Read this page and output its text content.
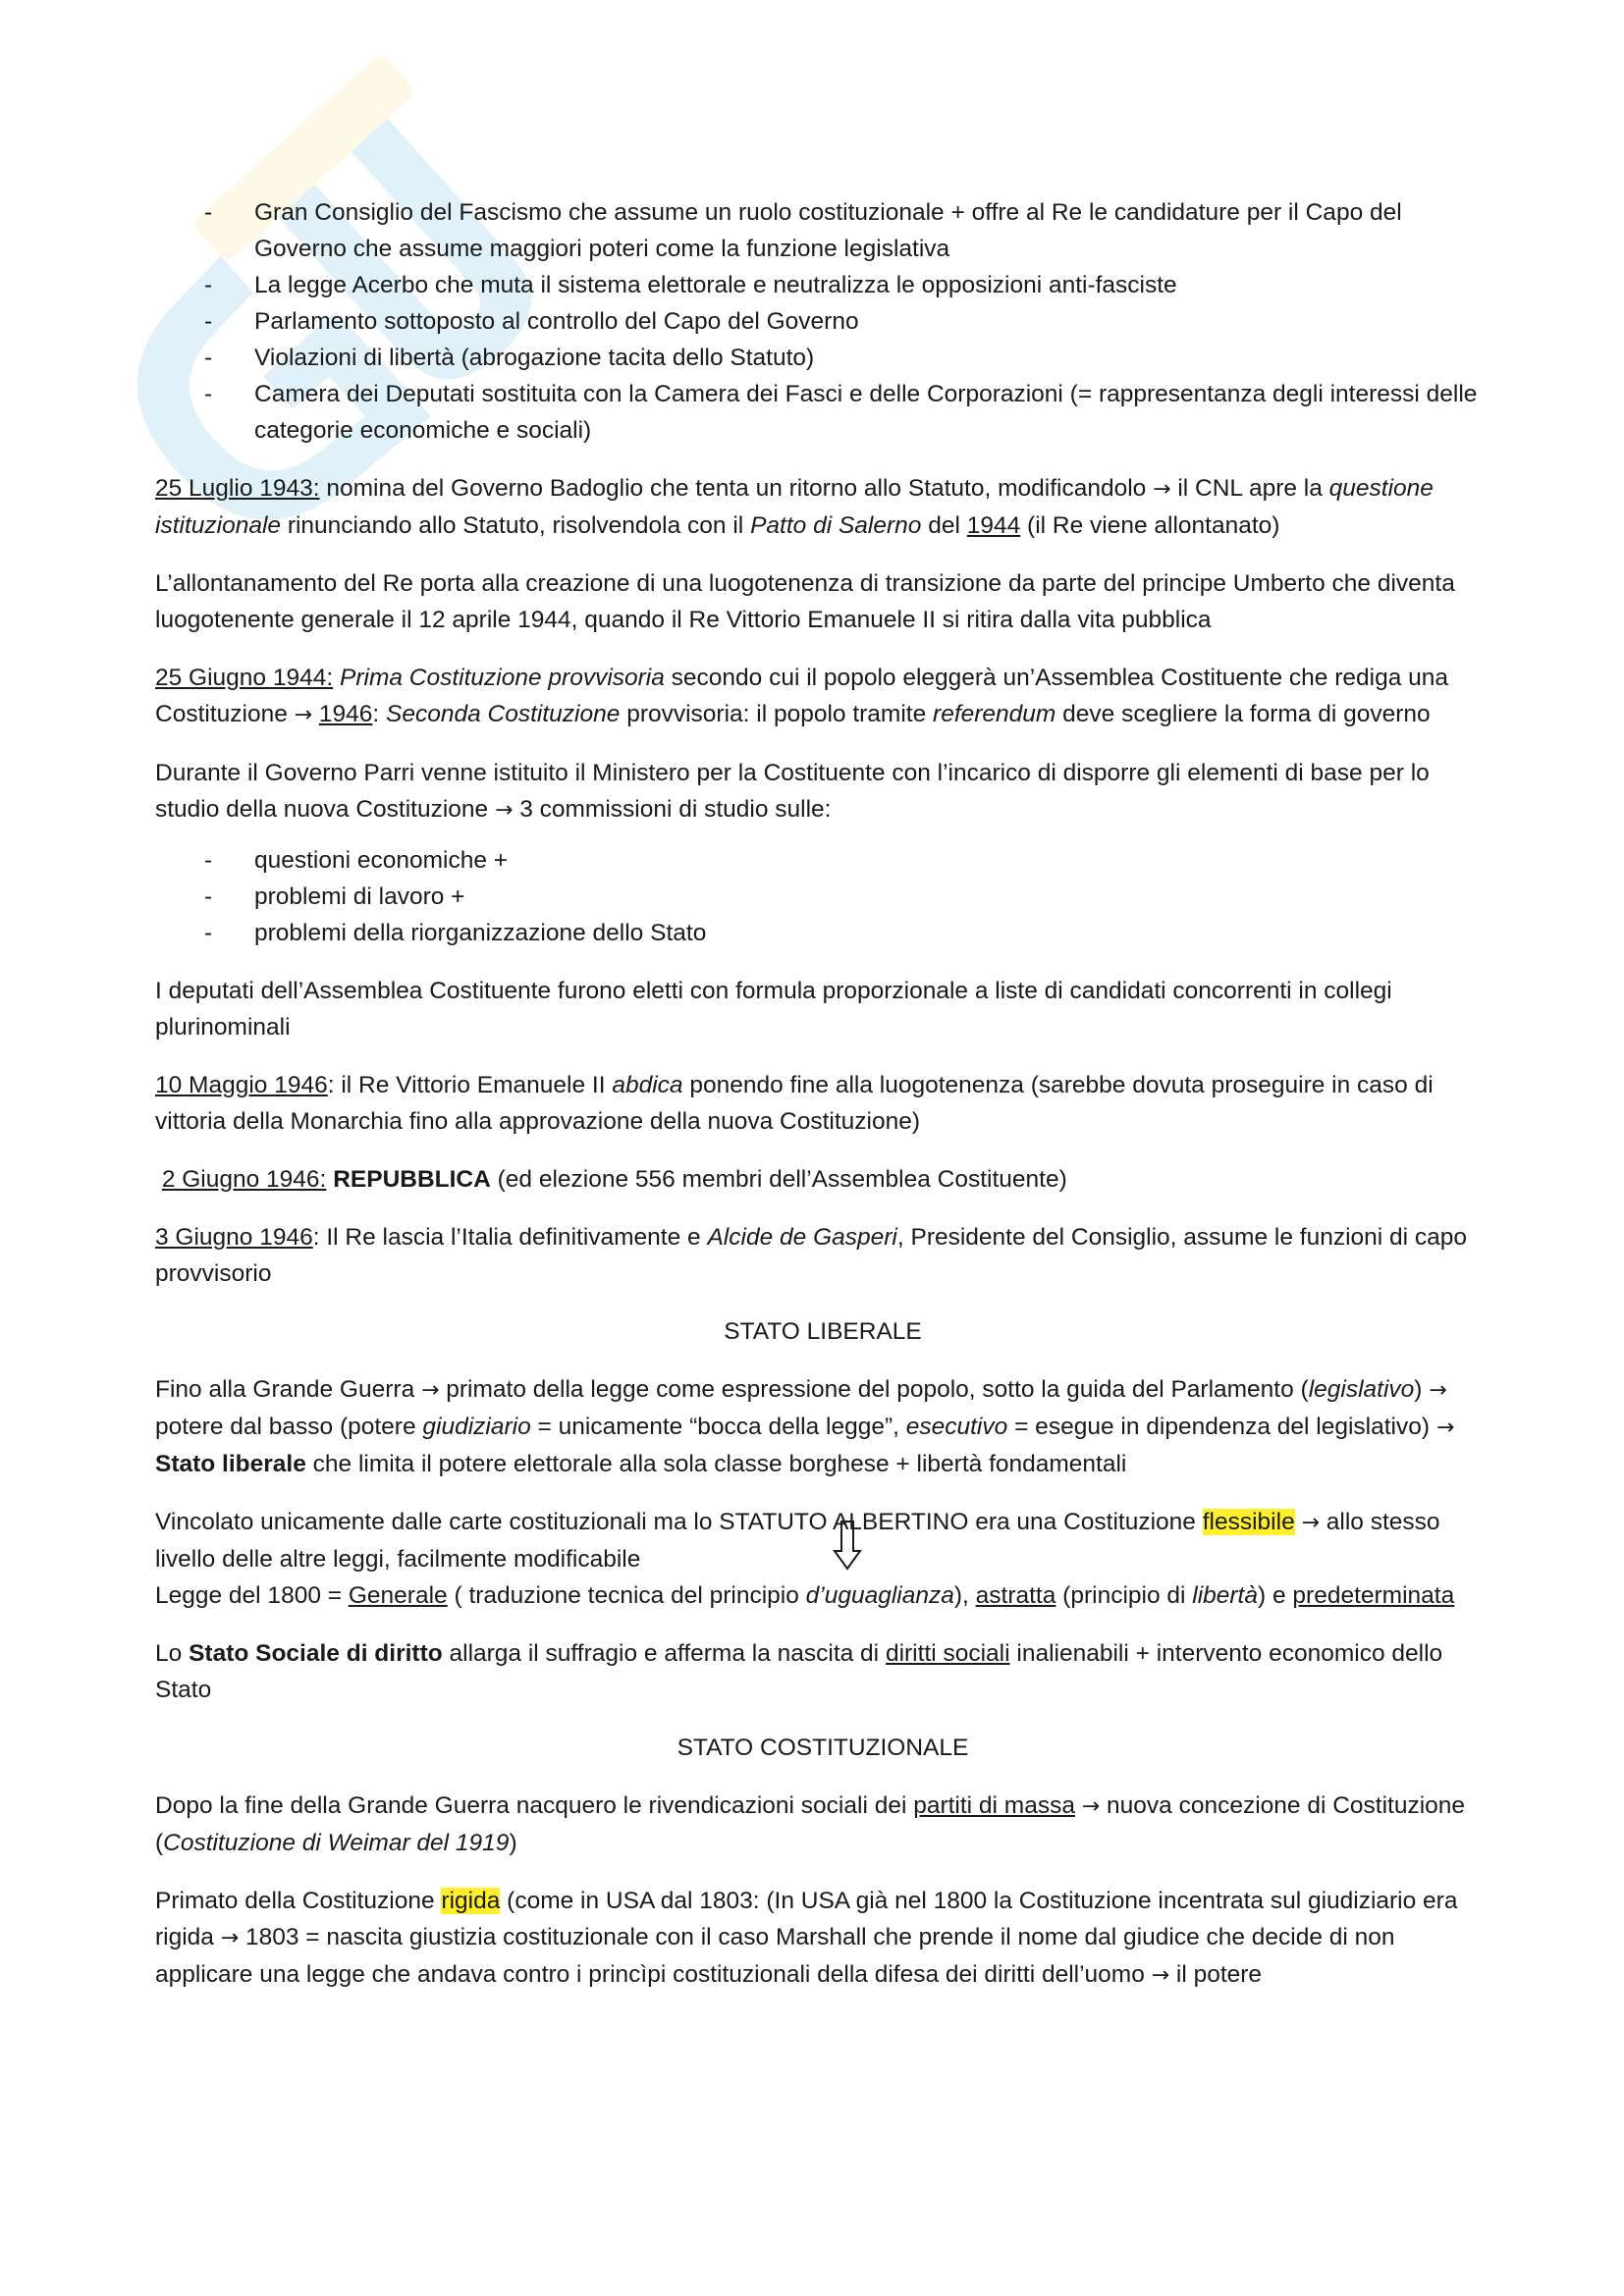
- Gran Consiglio del Fascismo che assume un ruolo costituzionale + offre al Re le candidature per il Capo del Governo che assume maggiori poteri come la funzione legislativa
- La legge Acerbo che muta il sistema elettorale e neutralizza le opposizioni anti-fasciste
- Parlamento sottoposto al controllo del Capo del Governo
- Violazioni di libertà (abrogazione tacita dello Statuto)
- Camera dei Deputati sostituita con la Camera dei Fasci e delle Corporazioni (= rappresentanza degli interessi delle categorie economiche e sociali)

25 Luglio 1943: nomina del Governo Badoglio che tenta un ritorno allo Statuto, modificandolo → il CNL apre la questione istituzionale rinunciando allo Statuto, risolvendola con il Patto di Salerno del 1944 (il Re viene allontanato)

L’allontanamento del Re porta alla creazione di una luogotenenza di transizione da parte del principe Umberto che diventa luogotenente generale il 12 aprile 1944, quando il Re Vittorio Emanuele II si ritira dalla vita pubblica

25 Giugno 1944: Prima Costituzione provvisoria secondo cui il popolo eleggerà un’Assemblea Costituente che rediga una Costituzione → 1946: Seconda Costituzione provvisoria: il popolo tramite referendum deve scegliere la forma di governo

Durante il Governo Parri venne istituito il Ministero per la Costituente con l’incarico di disporre gli elementi di base per lo studio della nuova Costituzione → 3 commissioni di studio sulle:

- questioni economiche +
- problemi di lavoro +
- problemi della riorganizzazione dello Stato

I deputati dell’Assemblea Costituente furono eletti con formula proporzionale a liste di candidati concorrenti in collegi plurinominali

10 Maggio 1946: il Re Vittorio Emanuele II abdica ponendo fine alla luogotenenza (sarebbe dovuta proseguire in caso di vittoria della Monarchia fino alla approvazione della nuova Costituzione)

2 Giugno 1946: REPUBBLICA (ed elezione 556 membri dell’Assemblea Costituente)

3 Giugno 1946: Il Re lascia l’Italia definitivamente e Alcide de Gasperi, Presidente del Consiglio, assume le funzioni di capo provvisorio

STATO LIBERALE

Fino alla Grande Guerra → primato della legge come espressione del popolo, sotto la guida del Parlamento (legislativo) → potere dal basso (potere giudiziario = unicamente “bocca della legge”, esecutivo = esegue in dipendenza del legislativo) → Stato liberale che limita il potere elettorale alla sola classe borghese + libertà fondamentali

Vincolato unicamente dalle carte costituzionali ma lo STATUTO ALBERTINO era una Costituzione flessibile → allo stesso livello delle altre leggi, facilmente modificabile
Legge del 1800 = Generale ( traduzione tecnica del principio d’uguaglianza), astratta (principio di libertà) e predeterminata

Lo Stato Sociale di diritto allarga il suffragio e afferma la nascita di diritti sociali inalienabili + intervento economico dello Stato

STATO COSTITUZIONALE

Dopo la fine della Grande Guerra nacquero le rivendicazioni sociali dei partiti di massa → nuova concezione di Costituzione (Costituzione di Weimar del 1919)

Primato della Costituzione rigida (come in USA dal 1803: (In USA già nel 1800 la Costituzione incentrata sul giudiziario era rigida → 1803 = nascita giustizia costituzionale con il caso Marshall che prende il nome dal giudice che decide di non applicare una legge che andava contro i princìpi costituzionali della difesa dei diritti dell’uomo → il potere
